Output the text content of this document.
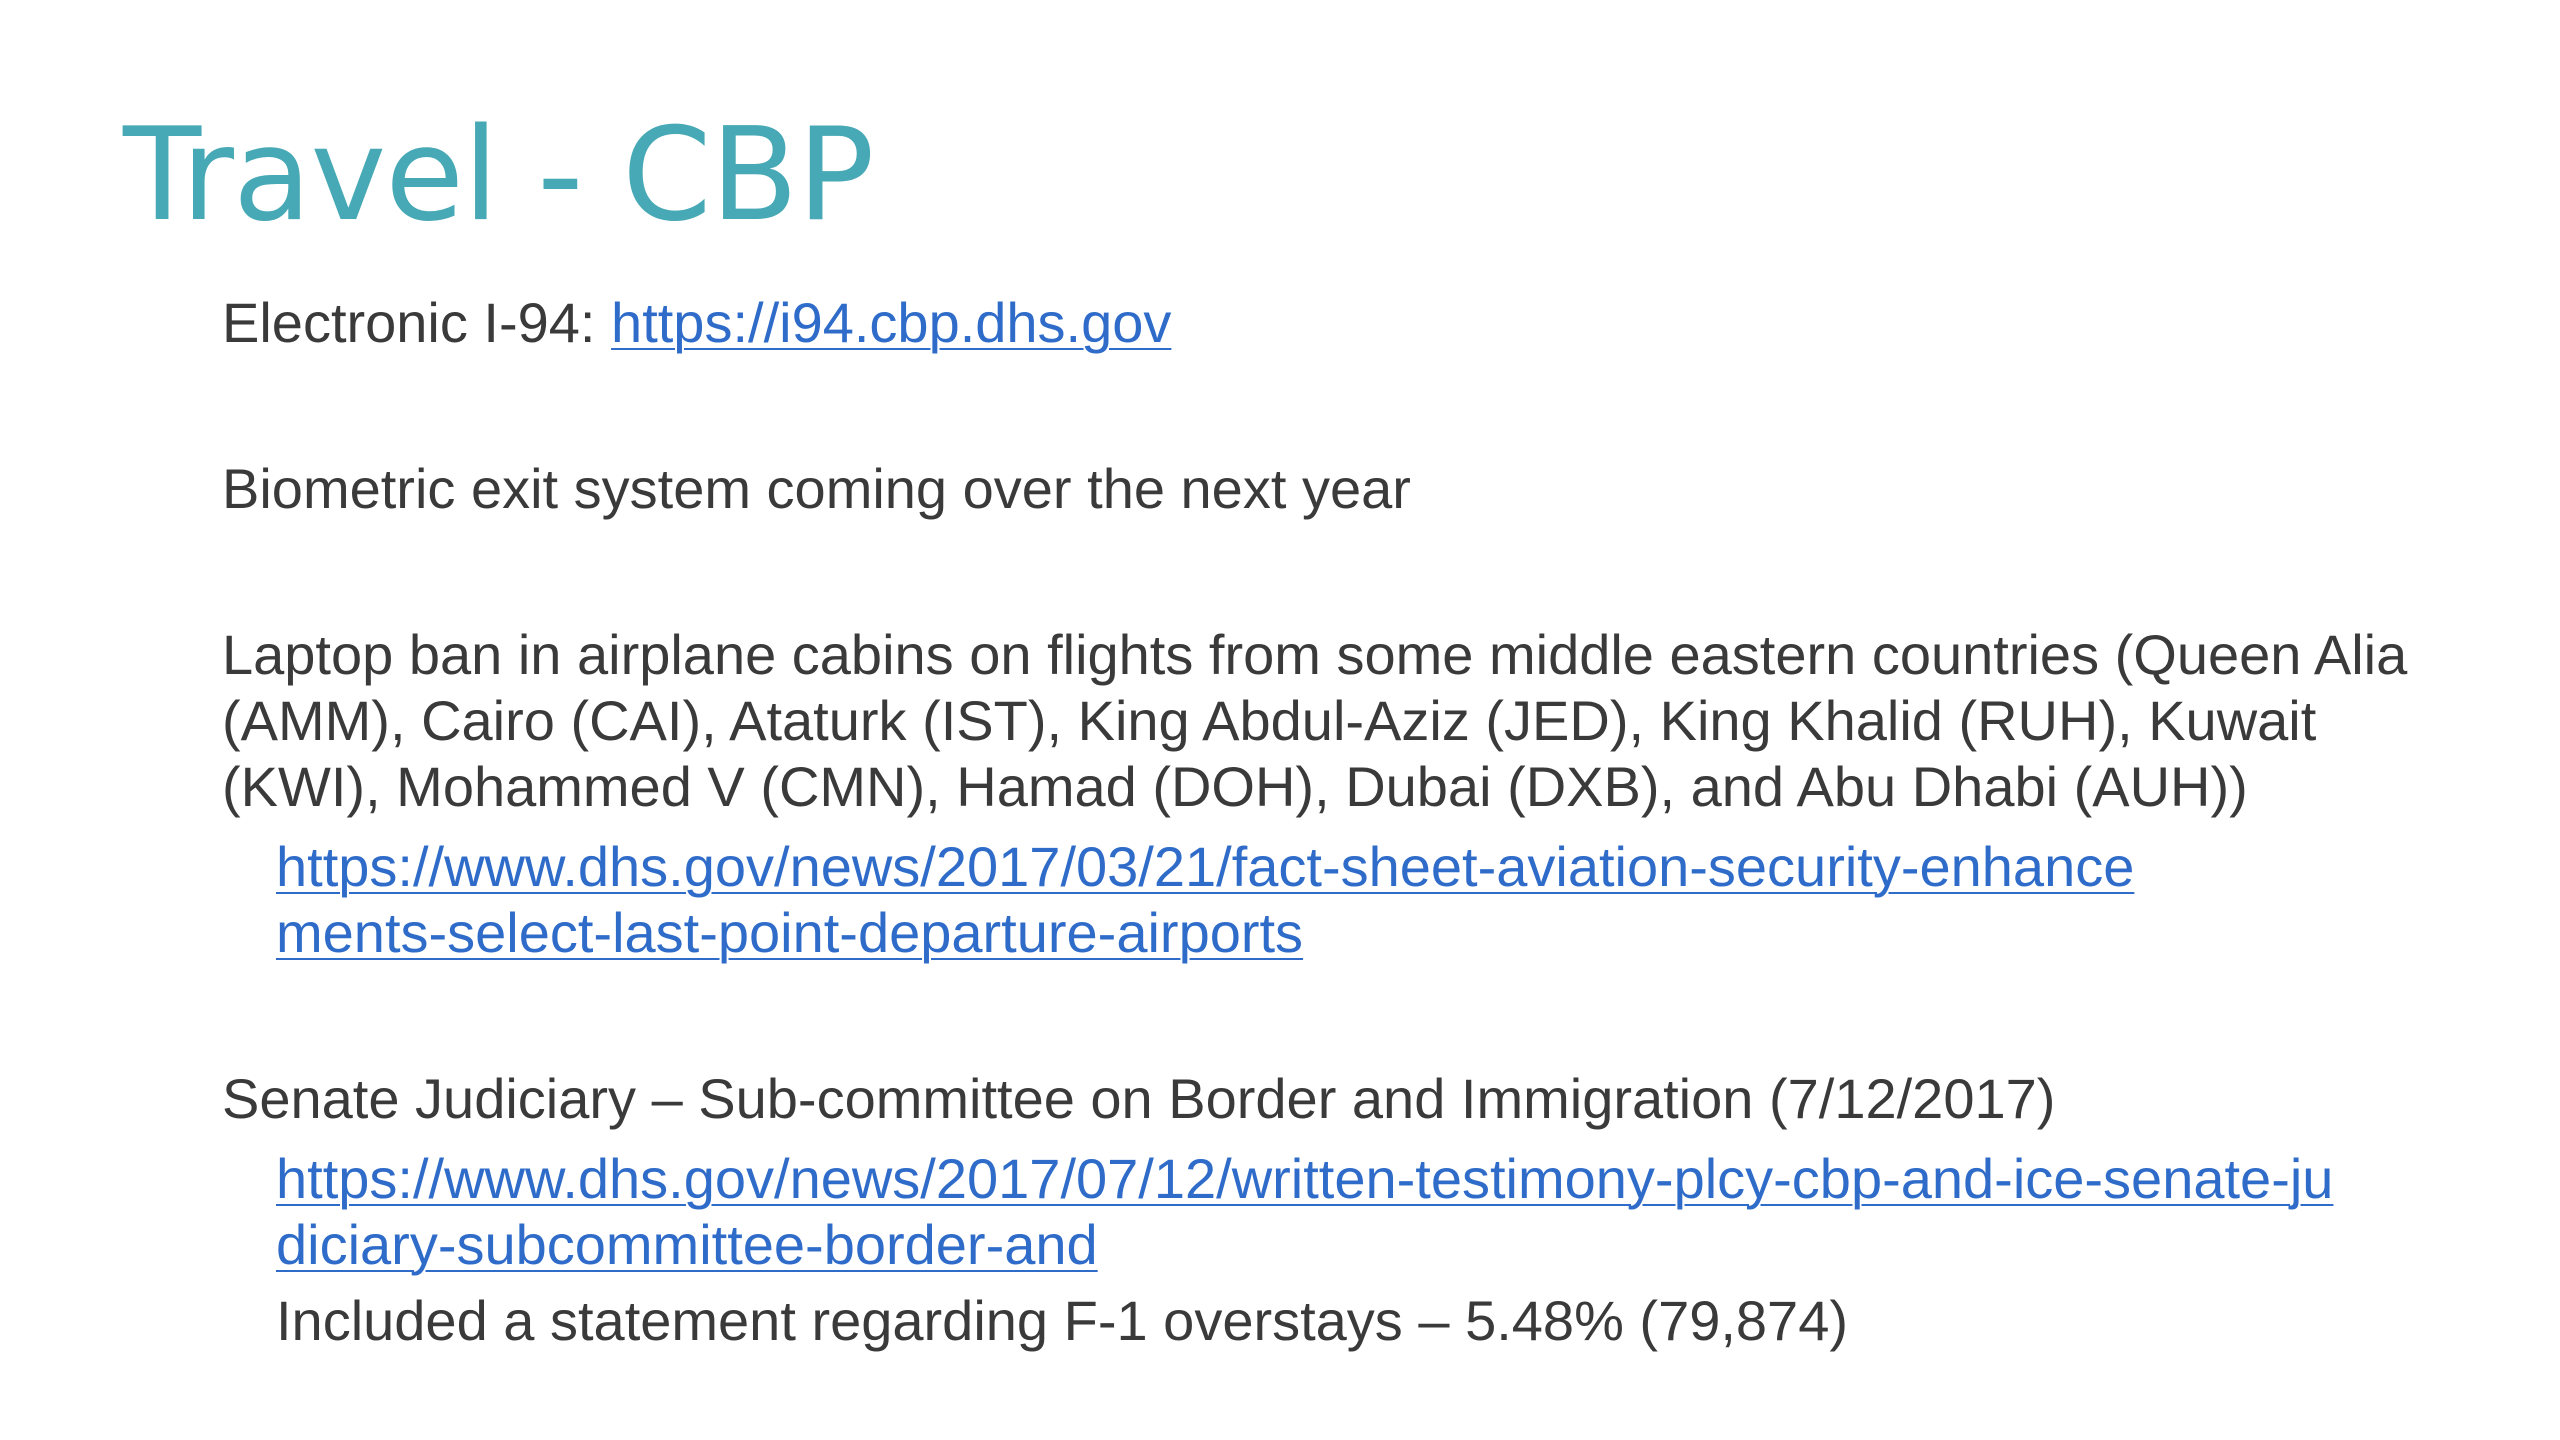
Travel - CBP

Electronic I-94: https://i94.cbp.dhs.gov

Biometric exit system coming over the next year

Laptop ban in airplane cabins on flights from some middle eastern countries (Queen Alia (AMM), Cairo (CAI), Ataturk (IST), King Abdul-Aziz (JED), King Khalid (RUH), Kuwait (KWI), Mohammed V (CMN), Hamad (DOH), Dubai (DXB), and Abu Dhabi (AUH))

https://www.dhs.gov/news/2017/03/21/fact-sheet-aviation-security-enhancements-select-last-point-departure-airports

Senate Judiciary – Sub-committee on Border and Immigration (7/12/2017)

https://www.dhs.gov/news/2017/07/12/written-testimony-plcy-cbp-and-ice-senate-judiciary-subcommittee-border-and

Included a statement regarding F-1 overstays – 5.48% (79,874)
